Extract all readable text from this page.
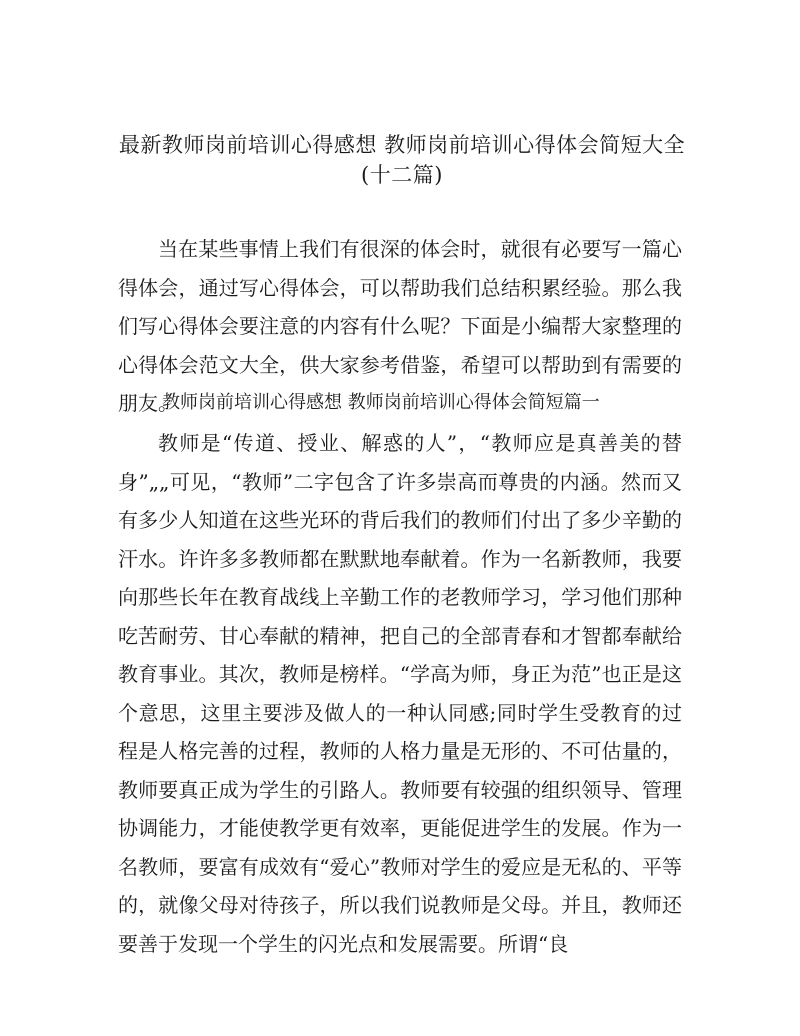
最新教师岗前培训心得感想 教师岗前培训心得体会简短大全(十二篇)

当在某些事情上我们有很深的体会时，就很有必要写一篇心得体会，通过写心得体会，可以帮助我们总结积累经验。那么我们写心得体会要注意的内容有什么呢？下面是小编帮大家整理的心得体会范文大全，供大家参考借鉴，希望可以帮助到有需要的朋友。

教师岗前培训心得感想 教师岗前培训心得体会简短篇一

教师是“传道、授业、解惑的人”，“教师应是真善美的替身”„„可见，“教师”二字包含了许多崇高而尊贵的内涵。然而又有多少人知道在这些光环的背后我们的教师们付出了多少辛勤的汗水。许许多多教师都在默默地奉献着。作为一名新教师，我要向那些长年在教育战线上辛勤工作的老教师学习，学习他们那种吃苦耐劳、甘心奉献的精神，把自己的全部青春和才智都奉献给教育事业。其次，教师是榜样。“学高为师，身正为范”也正是这个意思，这里主要涉及做人的一种认同感;同时学生受教育的过程是人格完善的过程，教师的人格力量是无形的、不可估量的，教师要真正成为学生的引路人。教师要有较强的组织领导、管理协调能力，才能使教学更有效率，更能促进学生的发展。作为一名教师，要富有成效有“爱心”教师对学生的爱应是无私的、平等的，就像父母对待孩子，所以我们说教师是父母。并且，教师还要善于发现一个学生的闪光点和发展需要。所谓“良
